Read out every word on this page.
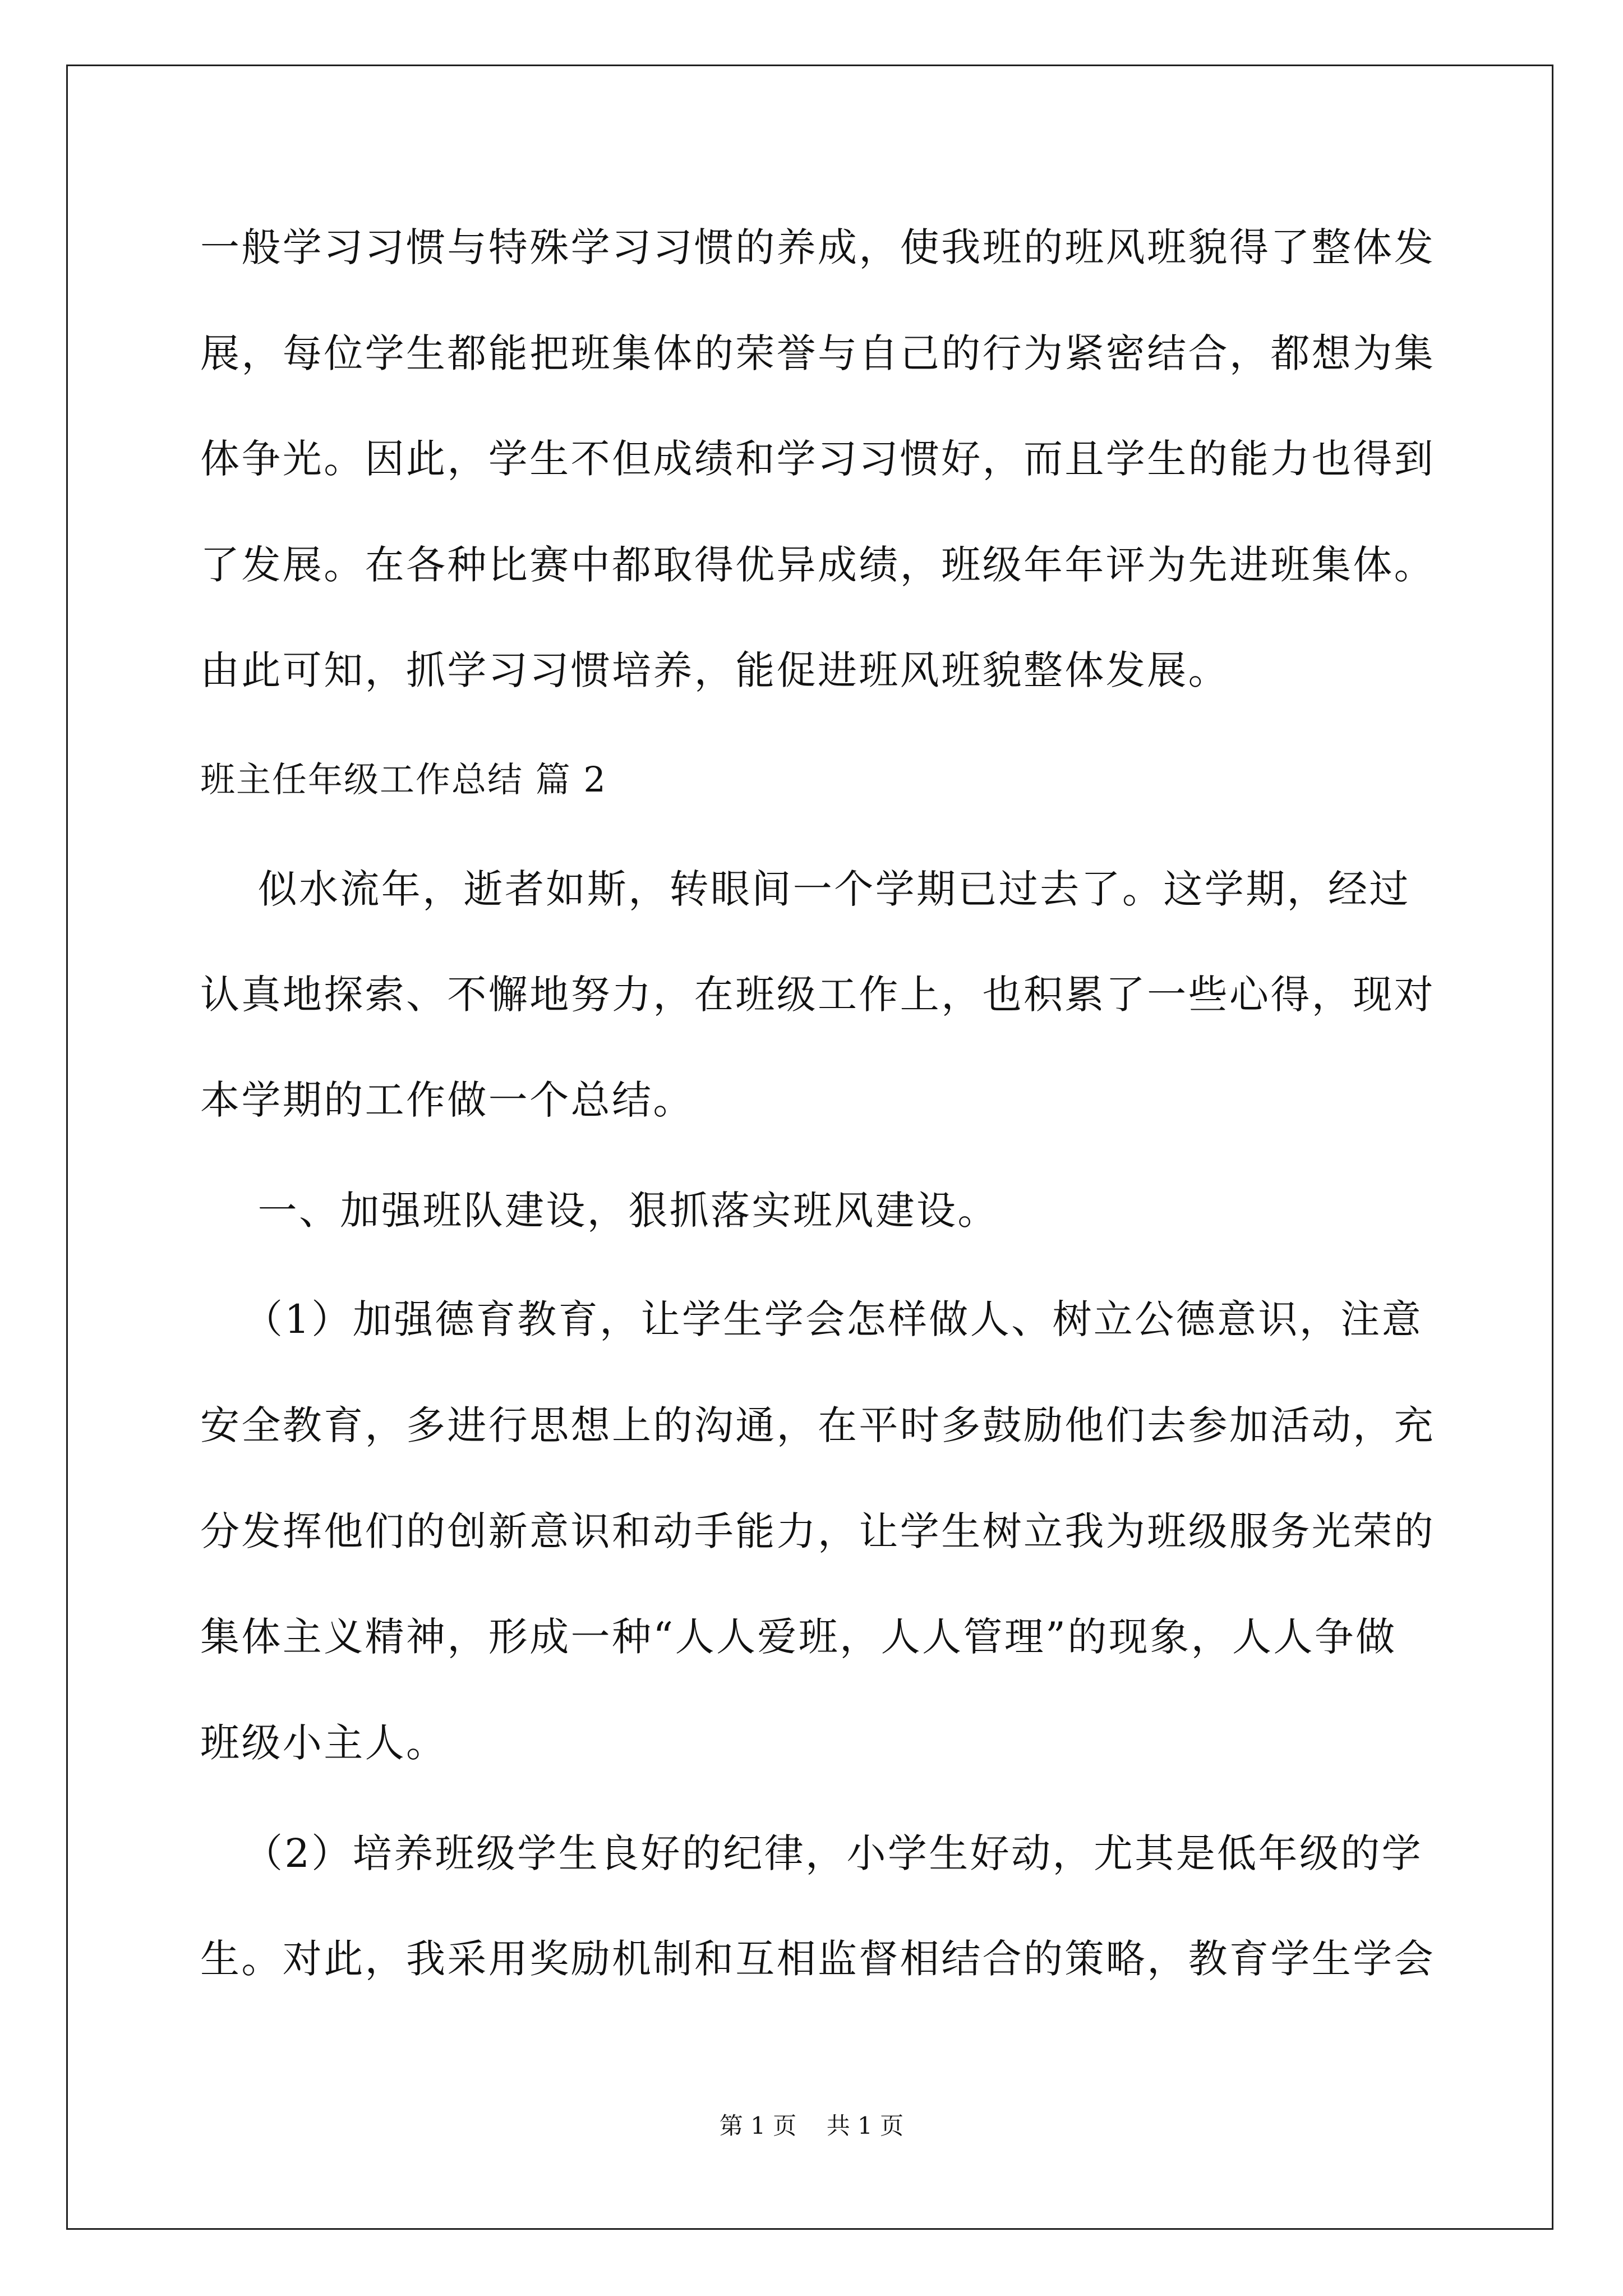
一般学习习惯与特殊学习习惯的养成，使我班的班风班貌得了整体发
展，每位学生都能把班集体的荣誉与自己的行为紧密结合，都想为集
体争光。因此，学生不但成绩和学习习惯好，而且学生的能力也得到
了发展。在各种比赛中都取得优异成绩，班级年年评为先进班集体。
由此可知，抓学习习惯培养，能促进班风班貌整体发展。
班主任年级工作总结 篇 2
似水流年，逝者如斯，转眼间一个学期已过去了。这学期，经过
认真地探索、不懈地努力，在班级工作上，也积累了一些心得，现对
本学期的工作做一个总结。
一、加强班队建设，狠抓落实班风建设。
（1）加强德育教育，让学生学会怎样做人、树立公德意识，注意
安全教育，多进行思想上的沟通，在平时多鼓励他们去参加活动，充
分发挥他们的创新意识和动手能力，让学生树立我为班级服务光荣的
集体主义精神，形成一种“人人爱班，人人管理”的现象，人人争做
班级小主人。
（2）培养班级学生良好的纪律，小学生好动，尤其是低年级的学
生。对此，我采用奖励机制和互相监督相结合的策略，教育学生学会
第 1 页    共 1 页
